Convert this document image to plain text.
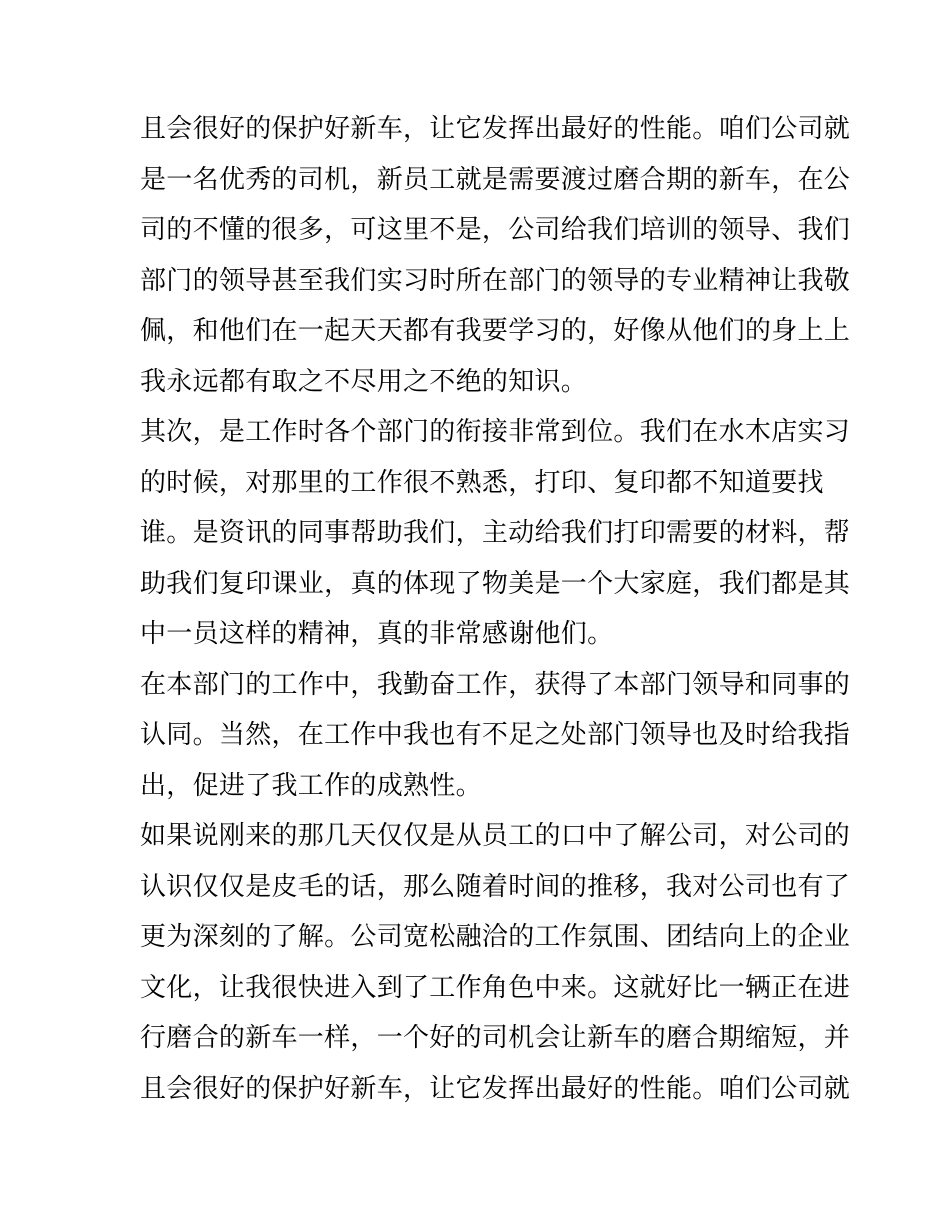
且会很好的保护好新车，让它发挥出最好的性能。咱们公司就
是一名优秀的司机，新员工就是需要渡过磨合期的新车，在公
司的不懂的很多，可这里不是，公司给我们培训的领导、我们
部门的领导甚至我们实习时所在部门的领导的专业精神让我敬
佩，和他们在一起天天都有我要学习的，好像从他们的身上上
我永远都有取之不尽用之不绝的知识。
其次，是工作时各个部门的衔接非常到位。我们在水木店实习
的时候，对那里的工作很不熟悉，打印、复印都不知道要找
谁。是资讯的同事帮助我们，主动给我们打印需要的材料，帮
助我们复印课业，真的体现了物美是一个大家庭，我们都是其
中一员这样的精神，真的非常感谢他们。
在本部门的工作中，我勤奋工作，获得了本部门领导和同事的
认同。当然，在工作中我也有不足之处部门领导也及时给我指
出，促进了我工作的成熟性。
如果说刚来的那几天仅仅是从员工的口中了解公司，对公司的
认识仅仅是皮毛的话，那么随着时间的推移，我对公司也有了
更为深刻的了解。公司宽松融洽的工作氛围、团结向上的企业
文化，让我很快进入到了工作角色中来。这就好比一辆正在进
行磨合的新车一样，一个好的司机会让新车的磨合期缩短，并
且会很好的保护好新车，让它发挥出最好的性能。咱们公司就
